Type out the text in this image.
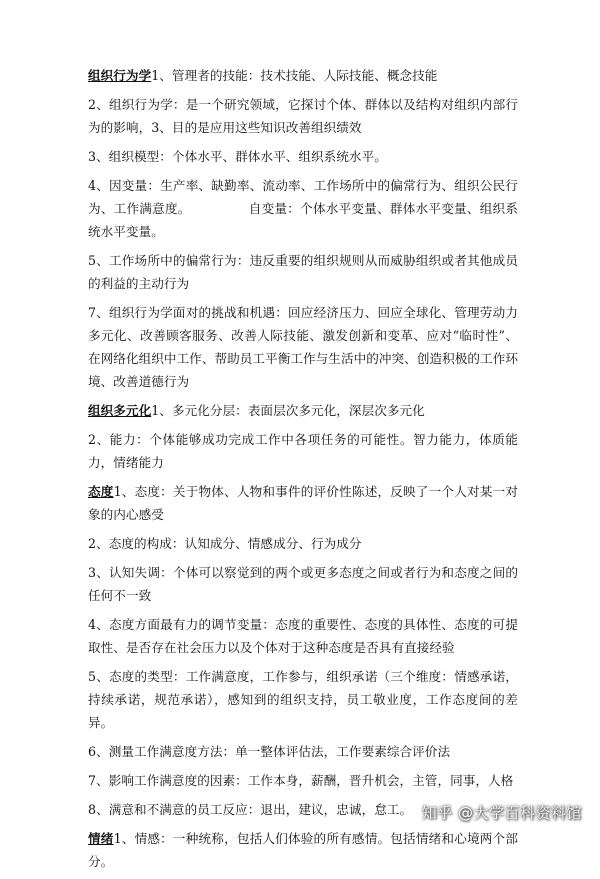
组织行为学1、管理者的技能：技术技能、人际技能、概念技能

2、组织行为学：是一个研究领域，它探讨个体、群体以及结构对组织内部行为的影响，3、目的是应用这些知识改善组织绩效

3、组织模型：个体水平、群体水平、组织系统水平。

4、因变量：生产率、缺勤率、流动率、工作场所中的偏常行为、组织公民行为、工作满意度。	自变量：个体水平变量、群体水平变量、组织系统水平变量。

5、工作场所中的偏常行为：违反重要的组织规则从而威胁组织或者其他成员的利益的主动行为

7、组织行为学面对的挑战和机遇：回应经济压力、回应全球化、管理劳动力多元化、改善顾客服务、改善人际技能、激发创新和变革、应对“临时性”、在网络化组织中工作、帮助员工平衡工作与生活中的冲突、创造积极的工作环境、改善道德行为

组织多元化1、多元化分层：表面层次多元化，深层次多元化

2、能力：个体能够成功完成工作中各项任务的可能性。智力能力，体质能力，情绪能力

态度1、态度：关于物体、人物和事件的评价性陈述，反映了一个人对某一对象的内心感受

2、态度的构成：认知成分、情感成分、行为成分

3、认知失调：个体可以察觉到的两个或更多态度之间或者行为和态度之间的任何不一致

4、态度方面最有力的调节变量：态度的重要性、态度的具体性、态度的可提取性、是否存在社会压力以及个体对于这种态度是否具有直接经验

5、态度的类型：工作满意度，工作参与，组织承诺（三个维度：情感承诺，持续承诺，规范承诺），感知到的组织支持，员工敬业度，工作态度间的差异。

6、测量工作满意度方法：单一整体评估法，工作要素综合评价法

7、影响工作满意度的因素：工作本身，薪酬，晋升机会，主管，同事，人格

8、满意和不满意的员工反应：退出，建议，忠诚，怠工。

情绪1、情感：一种统称，包括人们体验的所有感情。包括情绪和心境两个部分。

知乎 @大学百科资料馆
